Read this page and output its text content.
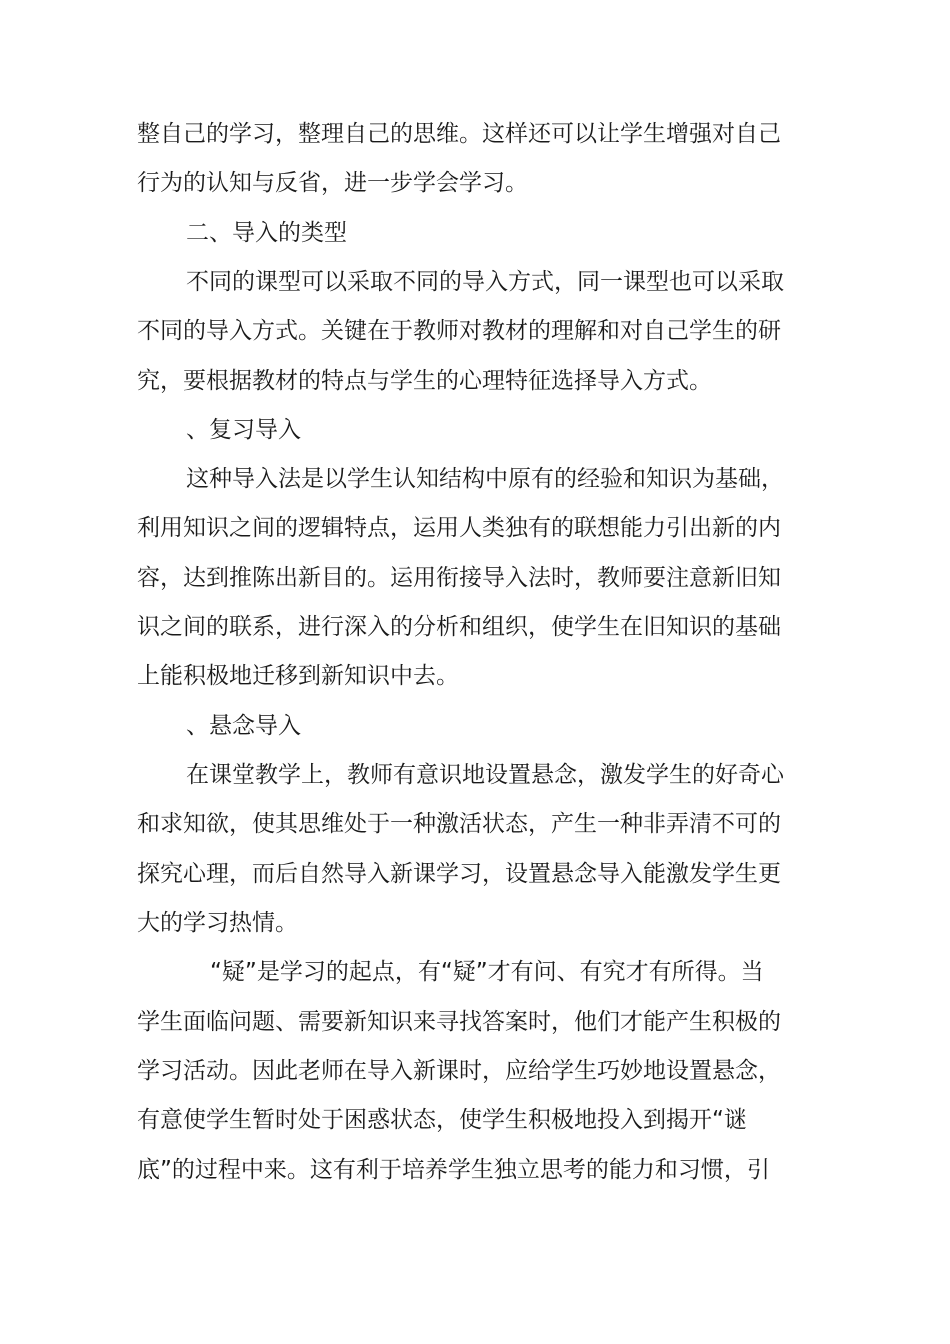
整自己的学习，整理自己的思维。这样还可以让学生增强对自己
行为的认知与反省，进一步学会学习。
二、导入的类型
不同的课型可以采取不同的导入方式，同一课型也可以采取
不同的导入方式。关键在于教师对教材的理解和对自己学生的研
究，要根据教材的特点与学生的心理特征选择导入方式。
、复习导入
这种导入法是以学生认知结构中原有的经验和知识为基础，
利用知识之间的逻辑特点，运用人类独有的联想能力引出新的内
容，达到推陈出新目的。运用衔接导入法时，教师要注意新旧知
识之间的联系，进行深入的分析和组织，使学生在旧知识的基础
上能积极地迁移到新知识中去。
、悬念导入
在课堂教学上，教师有意识地设置悬念，激发学生的好奇心
和求知欲，使其思维处于一种激活状态，产生一种非弄清不可的
探究心理，而后自然导入新课学习，设置悬念导入能激发学生更
大的学习热情。
“疑”是学习的起点，有“疑”才有问、有究才有所得。当
学生面临问题、需要新知识来寻找答案时，他们才能产生积极的
学习活动。因此老师在导入新课时，应给学生巧妙地设置悬念，
有意使学生暂时处于困惑状态，使学生积极地投入到揭开“谜
底”的过程中来。这有利于培养学生独立思考的能力和习惯，引
